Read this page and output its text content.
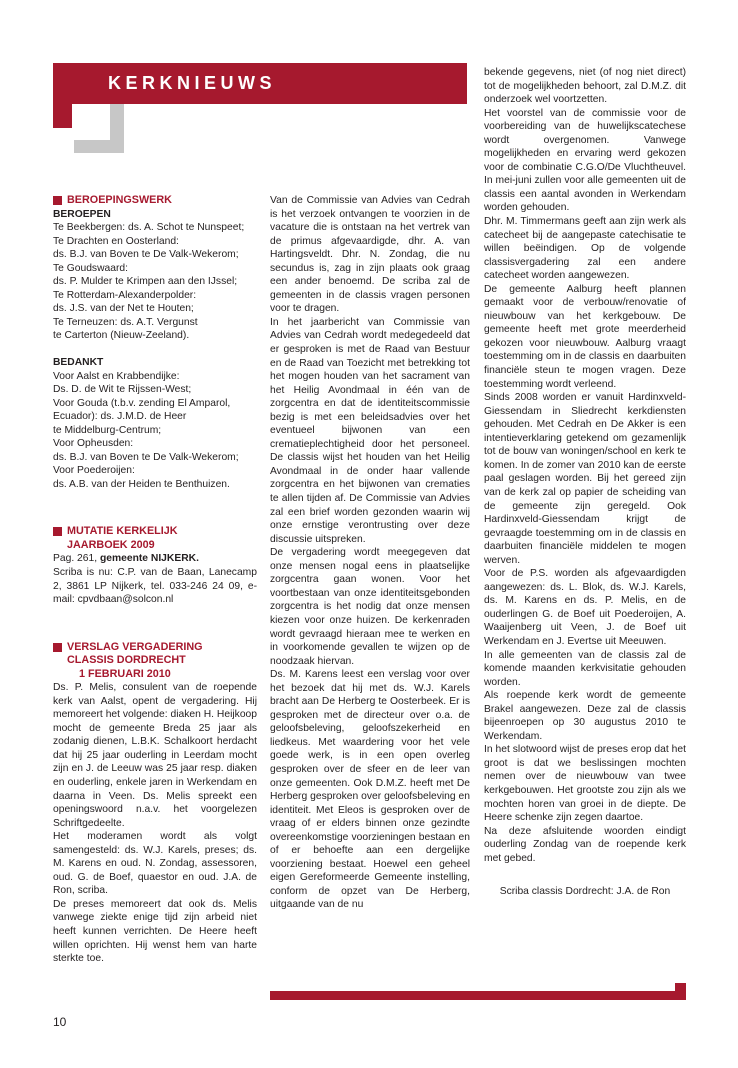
KERKNIEUWS
BEROEPINGSWERK

BEROEPEN

Te Beekbergen: ds. A. Schot te Nunspeet;

Te Drachten en Oosterland:

ds. B.J. van Boven te De Valk-Wekerom;

Te Goudswaard:

ds. P. Mulder te Krimpen aan den IJssel;

Te Rotterdam-Alexanderpolder:

ds. J.S. van der Net te Houten;

Te Terneuzen: ds. A.T. Vergunst

te Carterton (Nieuw-Zeeland).

BEDANKT

Voor Aalst en Krabbendijke:

Ds. D. de Wit te Rijssen-West;

Voor Gouda (t.b.v. zending El Amparol,

Ecuador): ds. J.M.D. de Heer

te Middelburg-Centrum;

Voor Opheusden:

ds. B.J. van Boven te De Valk-Wekerom;

Voor Poederoijen:

ds. A.B. van der Heiden te Benthuizen.

MUTATIE KERKELIJK
JAARBOEK 2009

Pag. 261, gemeente NIJKERK.

Scriba is nu: C.P. van de Baan, Lanecamp 2, 3861 LP Nijkerk, tel. 033-246 24 09, e-mail: cpvdbaan@solcon.nl

VERSLAG VERGADERING
CLASSIS DORDRECHT
1 FEBRUARI 2010

Ds. P. Melis, consulent van de roepende kerk van Aalst, opent de vergadering. Hij memoreert het volgende: diaken H. Heijkoop mocht de gemeente Breda 25 jaar als zodanig dienen, L.B.K. Schalkoort herdacht dat hij 25 jaar ouderling in Leerdam mocht zijn en J. de Leeuw was 25 jaar resp. diaken en ouderling, enkele jaren in Werkendam en daarna in Veen. Ds. Melis spreekt een openingswoord n.a.v. het voorgelezen Schriftgedeelte.

Het moderamen wordt als volgt samengesteld: ds. W.J. Karels, preses; ds. M. Karens en oud. N. Zondag, assessoren, oud. G. de Boef, quaestor en oud. J.A. de Ron, scriba.

De preses memoreert dat ook ds. Melis vanwege ziekte enige tijd zijn arbeid niet heeft kunnen verrichten. De Heere heeft willen oprichten. Hij wenst hem van harte sterkte toe.

Van de Commissie van Advies van Cedrah is het verzoek ontvangen te voorzien in de vacature die is ontstaan na het vertrek van de primus afgevaardigde, dhr. A. van Hartingsveldt. Dhr. N. Zondag, die nu secundus is, zag in zijn plaats ook graag een ander benoemd. De scriba zal de gemeenten in de classis vragen personen voor te dragen.

In het jaarbericht van Commissie van Advies van Cedrah wordt medegedeeld dat er gesproken is met de Raad van Bestuur en de Raad van Toezicht met betrekking tot het mogen houden van het sacrament van het Heilig Avondmaal in één van de zorgcentra en dat de identiteitscommissie bezig is met een beleidsadvies over het eventueel bijwonen van een crematieplechtigheid door het personeel. De classis wijst het houden van het Heilig Avondmaal in de onder haar vallende zorgcentra en het bijwonen van crematies te allen tijden af. De Commissie van Advies zal een brief worden gezonden waarin wij onze ernstige verontrusting over deze discussie uitspreken.

De vergadering wordt meegegeven dat onze mensen nogal eens in plaatselijke zorgcentra gaan wonen. Voor het voortbestaan van onze identiteitsgebonden zorgcentra is het nodig dat onze mensen kiezen voor onze huizen. De kerkenraden wordt gevraagd hieraan mee te werken en in voorkomende gevallen te wijzen op de noodzaak hiervan.

Ds. M. Karens leest een verslag voor over het bezoek dat hij met ds. W.J. Karels bracht aan De Herberg te Oosterbeek. Er is gesproken met de directeur over o.a. de geloofsbeleving, geloofszekerheid en liedkeus. Met waardering voor het vele goede werk, is in een open overleg gesproken over de sfeer en de leer van onze gemeenten. Ook D.M.Z. heeft met De Herberg gesproken over geloofsbeleving en identiteit. Met Eleos is gesproken over de vraag of er elders binnen onze gezindte overeenkomstige voorzieningen bestaan en of er behoefte aan een dergelijke voorziening bestaat. Hoewel een geheel eigen Gereformeerde Gemeente instelling, conform de opzet van De Herberg, uitgaande van de nu

bekende gegevens, niet (of nog niet direct) tot de mogelijkheden behoort, zal D.M.Z. dit onderzoek wel voortzetten.

Het voorstel van de commissie voor de voorbereiding van de huwelijkscatechese wordt overgenomen. Vanwege mogelijkheden en ervaring werd gekozen voor de combinatie C.G.O/De Vluchtheuvel. In mei-juni zullen voor alle gemeenten uit de classis een aantal avonden in Werkendam worden gehouden.

Dhr. M. Timmermans geeft aan zijn werk als catecheet bij de aangepaste catechisatie te willen beëindigen. Op de volgende classisvergadering zal een andere catecheet worden aangewezen.

De gemeente Aalburg heeft plannen gemaakt voor de verbouw/renovatie of nieuwbouw van het kerkgebouw. De gemeente heeft met grote meerderheid gekozen voor nieuwbouw. Aalburg vraagt toestemming om in de classis en daarbuiten financiële steun te mogen vragen. Deze toestemming wordt verleend.

Sinds 2008 worden er vanuit Hardinxveld-Giessendam in Sliedrecht kerkdiensten gehouden. Met Cedrah en De Akker is een intentieverklaring getekend om gezamenlijk tot de bouw van woningen/school en kerk te komen. In de zomer van 2010 kan de eerste paal geslagen worden. Bij het gereed zijn van de kerk zal op papier de scheiding van de gemeente zijn geregeld. Ook Hardinxveld-Giessendam krijgt de gevraagde toestemming om in de classis en daarbuiten financiële middelen te mogen werven.

Voor de P.S. worden als afgevaardigden aangewezen: ds. L. Blok, ds. W.J. Karels, ds. M. Karens en ds. P. Melis, en de ouderlingen G. de Boef uit Poederoijen, A. Waaijenberg uit Veen, J. de Boef uit Werkendam en J. Evertse uit Meeuwen.

In alle gemeenten van de classis zal de komende maanden kerkvisitatie gehouden worden.

Als roepende kerk wordt de gemeente Brakel aangewezen. Deze zal de classis bijeenroepen op 30 augustus 2010 te Werkendam.

In het slotwoord wijst de preses erop dat het groot is dat we beslissingen mochten nemen over de nieuwbouw van twee kerkgebouwen. Het grootste zou zijn als we mochten horen van groei in de diepte. De Heere schenke zijn zegen daartoe.

Na deze afsluitende woorden eindigt ouderling Zondag van de roepende kerk met gebed.

Scriba classis Dordrecht: J.A. de Ron

10
